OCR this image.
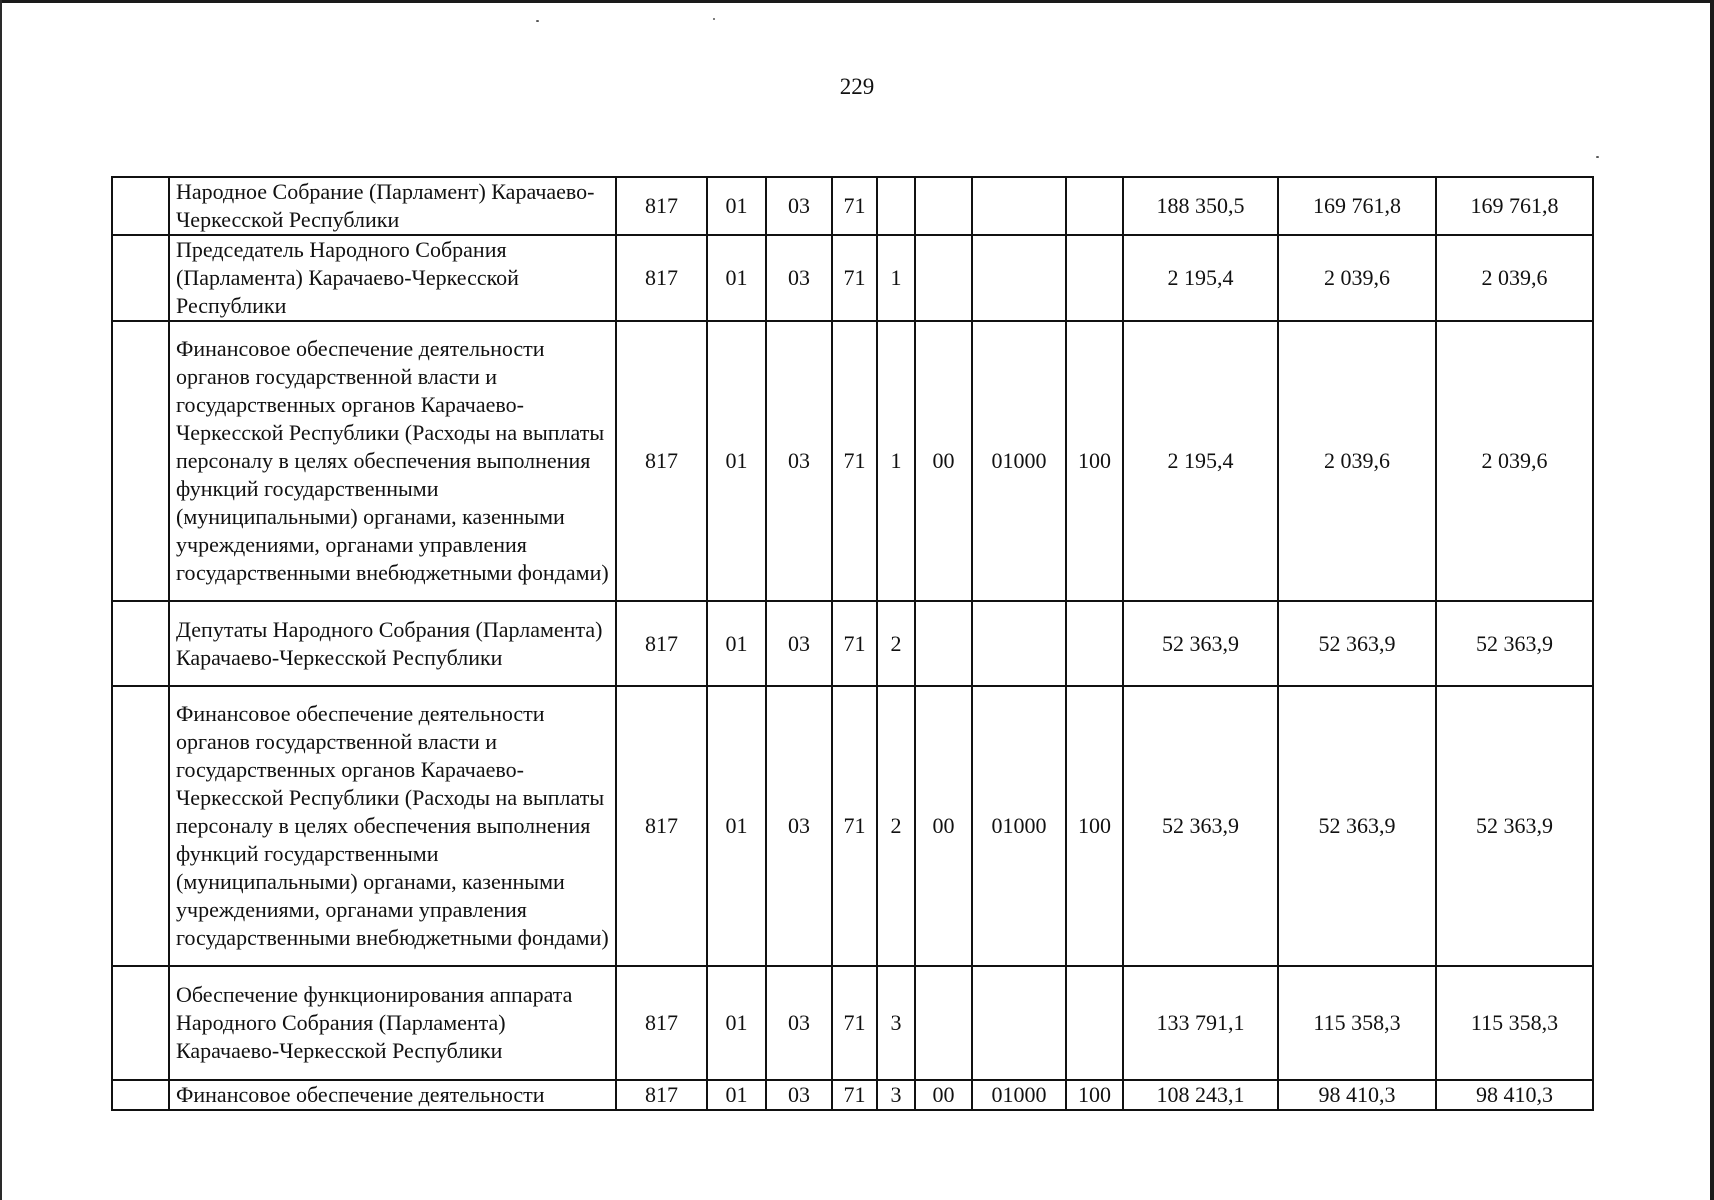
229
	Народное Собрание (Парламент) Карачаево-Черкесской Республики	817	01	03	71					188 350,5	169 761,8	169 761,8
	Председатель Народного Собрания (Парламента) Карачаево-Черкесской Республики	817	01	03	71	1				2 195,4	2 039,6	2 039,6
	Финансовое обеспечение деятельности органов государственной власти и государственных органов Карачаево-Черкесской Республики (Расходы на выплаты персоналу в целях обеспечения выполнения функций государственными (муниципальными) органами, казенными учреждениями, органами управления государственными внебюджетными фондами)	817	01	03	71	1	00	01000	100	2 195,4	2 039,6	2 039,6
	Депутаты Народного Собрания (Парламента) Карачаево-Черкесской Республики	817	01	03	71	2				52 363,9	52 363,9	52 363,9
	Финансовое обеспечение деятельности органов государственной власти и государственных органов Карачаево-Черкесской Республики (Расходы на выплаты персоналу в целях обеспечения выполнения функций государственными (муниципальными) органами, казенными учреждениями, органами управления государственными внебюджетными фондами)	817	01	03	71	2	00	01000	100	52 363,9	52 363,9	52 363,9
	Обеспечение функционирования аппарата Народного Собрания (Парламента) Карачаево-Черкесской Республики	817	01	03	71	3				133 791,1	115 358,3	115 358,3
	Финансовое обеспечение деятельности	817	01	03	71	3	00	01000	100	108 243,1	98 410,3	98 410,3
